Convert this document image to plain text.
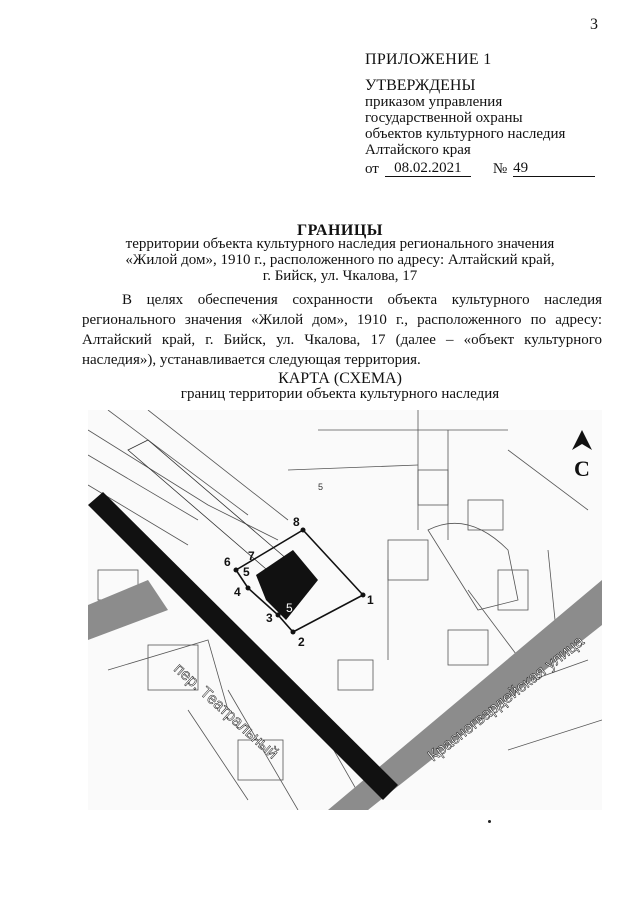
3
ПРИЛОЖЕНИЕ 1
УТВЕРЖДЕНЫ
приказом управления
государственной охраны
объектов культурного наследия
Алтайского края
от	08.02.2021	№ 49
ГРАНИЦЫ
территории объекта культурного наследия регионального значения
«Жилой дом», 1910 г., расположенного по адресу: Алтайский край,
г. Бийск, ул. Чкалова, 17
В целях обеспечения сохранности объекта культурного наследия регионального значения «Жилой дом», 1910 г., расположенного по адресу: Алтайский край, г. Бийск, ул. Чкалова, 17 (далее – «объект культурного наследия»), устанавливается следующая территория.
КАРТА (СХЕМА)
границ территории объекта культурного наследия
пер. Театральный	Красногвардейская улица
С
1
2
3
4
5
6 7
8
5
5
